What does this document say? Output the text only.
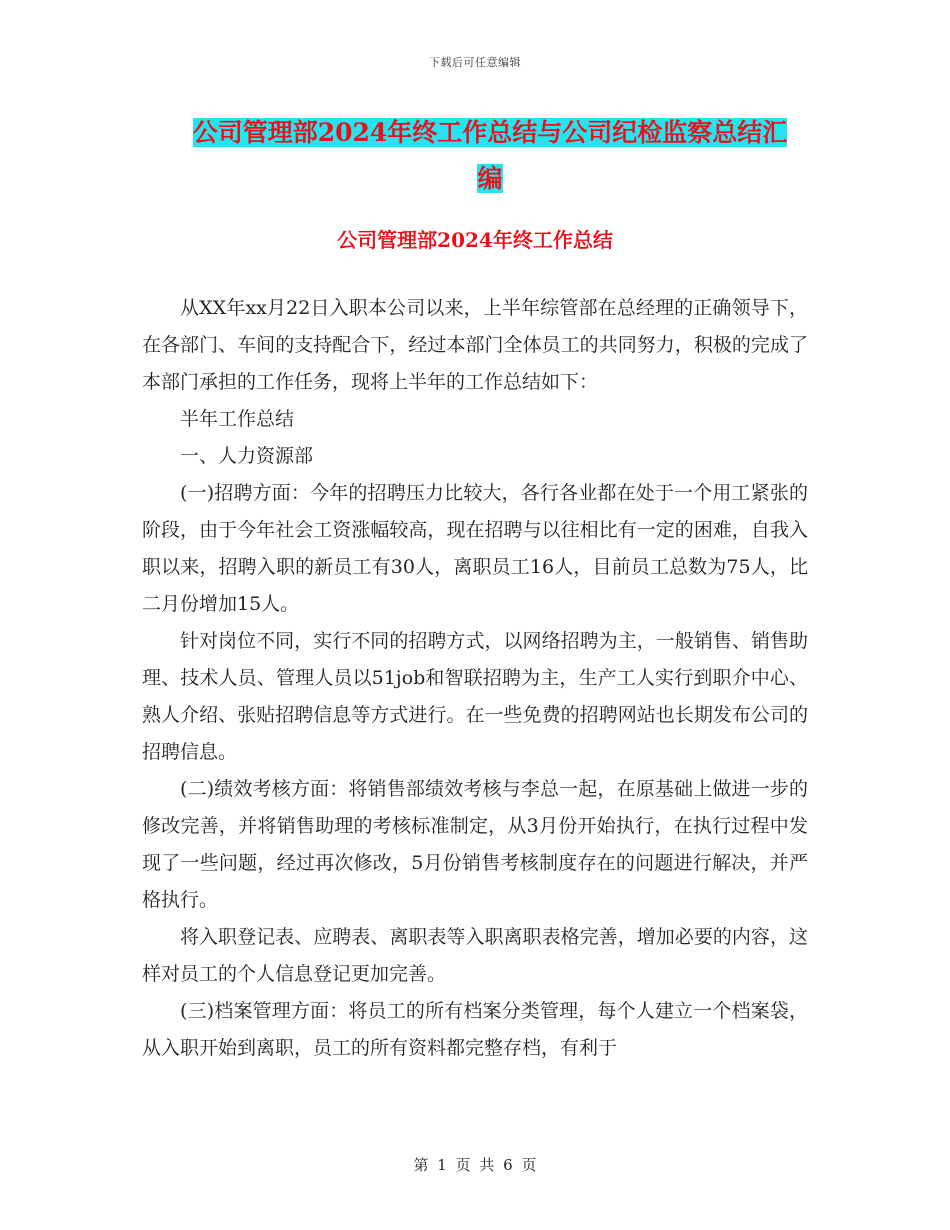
下载后可任意编辑
公司管理部2024年终工作总结与公司纪检监察总结汇
编
公司管理部2024年终工作总结

从XX年xx月22日入职本公司以来，上半年综管部在总经理的正确领导下，在各部门、车间的支持配合下，经过本部门全体员工的共同努力，积极的完成了本部门承担的工作任务，现将上半年的工作总结如下：

半年工作总结

一、人力资源部

(一)招聘方面：今年的招聘压力比较大，各行各业都在处于一个用工紧张的阶段，由于今年社会工资涨幅较高，现在招聘与以往相比有一定的困难，自我入职以来，招聘入职的新员工有30人，离职员工16人，目前员工总数为75人，比二月份增加15人。

针对岗位不同，实行不同的招聘方式，以网络招聘为主，一般销售、销售助理、技术人员、管理人员以51job和智联招聘为主，生产工人实行到职介中心、熟人介绍、张贴招聘信息等方式进行。在一些免费的招聘网站也长期发布公司的招聘信息。

(二)绩效考核方面：将销售部绩效考核与李总一起，在原基础上做进一步的修改完善，并将销售助理的考核标准制定，从3月份开始执行，在执行过程中发现了一些问题，经过再次修改，5月份销售考核制度存在的问题进行解决，并严格执行。

将入职登记表、应聘表、离职表等入职离职表格完善，增加必要的内容，这样对员工的个人信息登记更加完善。

(三)档案管理方面：将员工的所有档案分类管理，每个人建立一个档案袋，从入职开始到离职，员工的所有资料都完整存档，有利于

第 1 页 共 6 页
